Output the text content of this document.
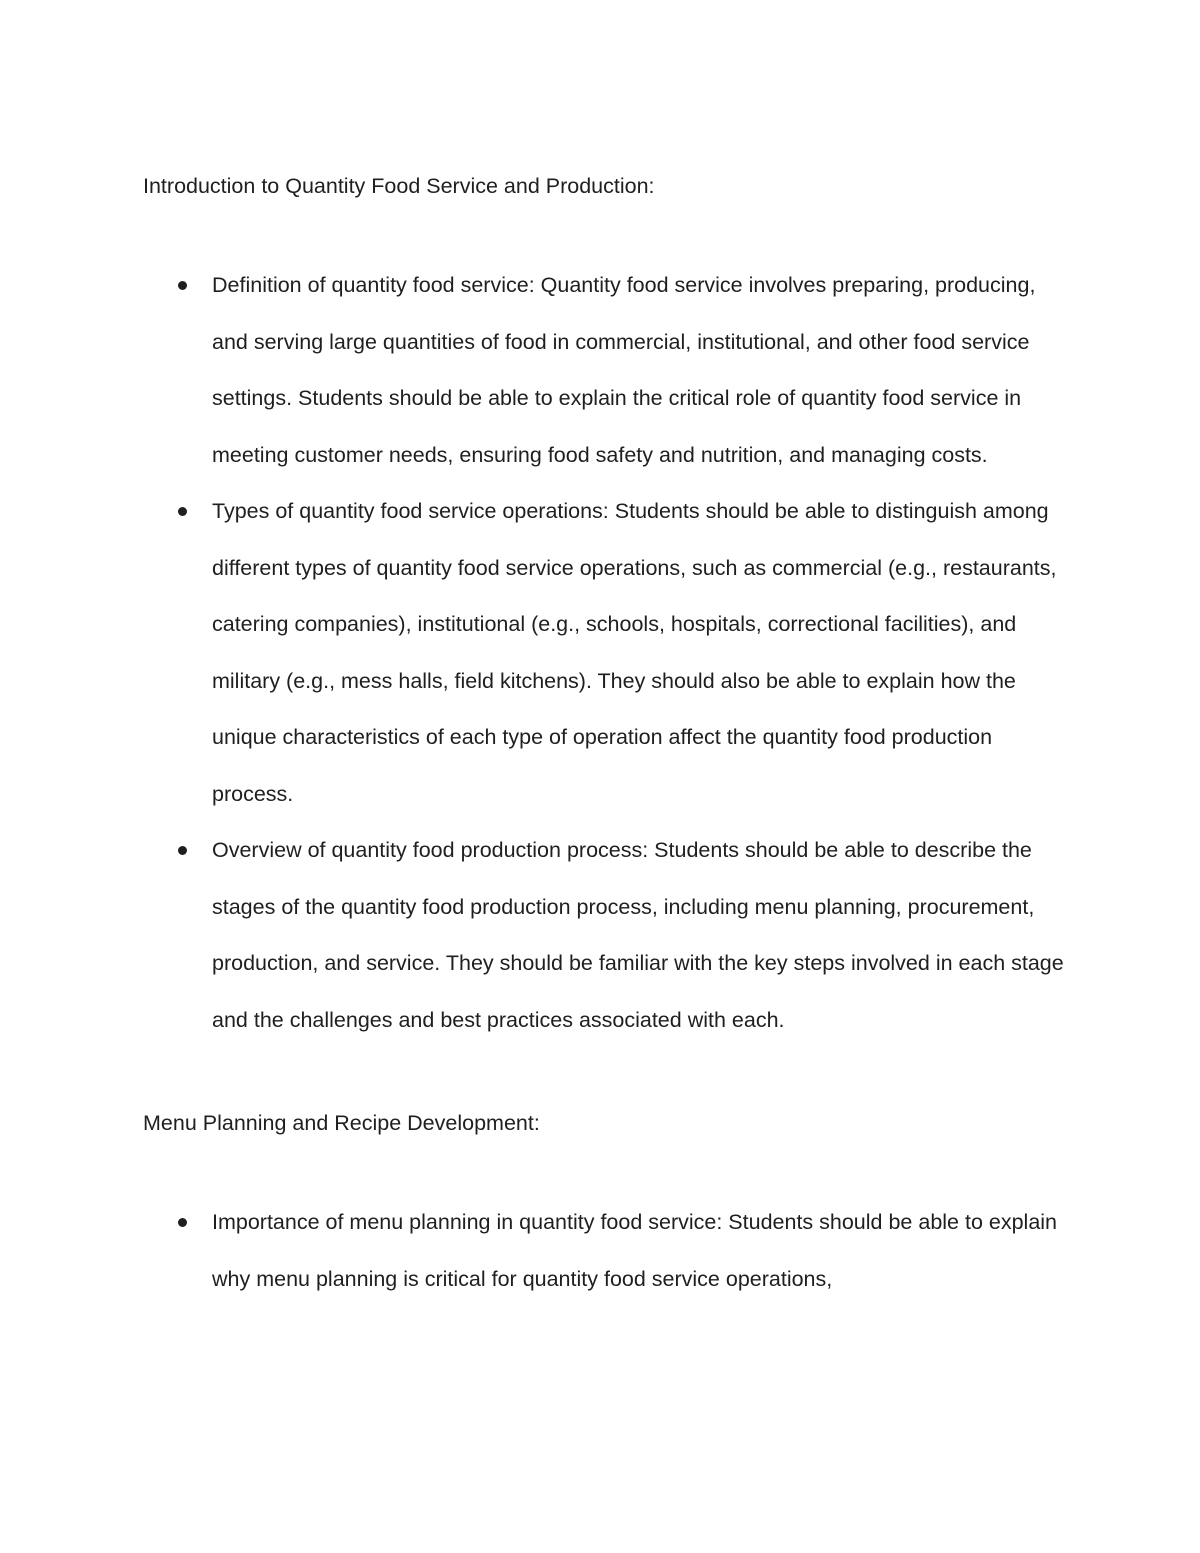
Introduction to Quantity Food Service and Production:
Definition of quantity food service: Quantity food service involves preparing, producing, and serving large quantities of food in commercial, institutional, and other food service settings. Students should be able to explain the critical role of quantity food service in meeting customer needs, ensuring food safety and nutrition, and managing costs.
Types of quantity food service operations: Students should be able to distinguish among different types of quantity food service operations, such as commercial (e.g., restaurants, catering companies), institutional (e.g., schools, hospitals, correctional facilities), and military (e.g., mess halls, field kitchens). They should also be able to explain how the unique characteristics of each type of operation affect the quantity food production process.
Overview of quantity food production process: Students should be able to describe the stages of the quantity food production process, including menu planning, procurement, production, and service. They should be familiar with the key steps involved in each stage and the challenges and best practices associated with each.
Menu Planning and Recipe Development:
Importance of menu planning in quantity food service: Students should be able to explain why menu planning is critical for quantity food service operations,
